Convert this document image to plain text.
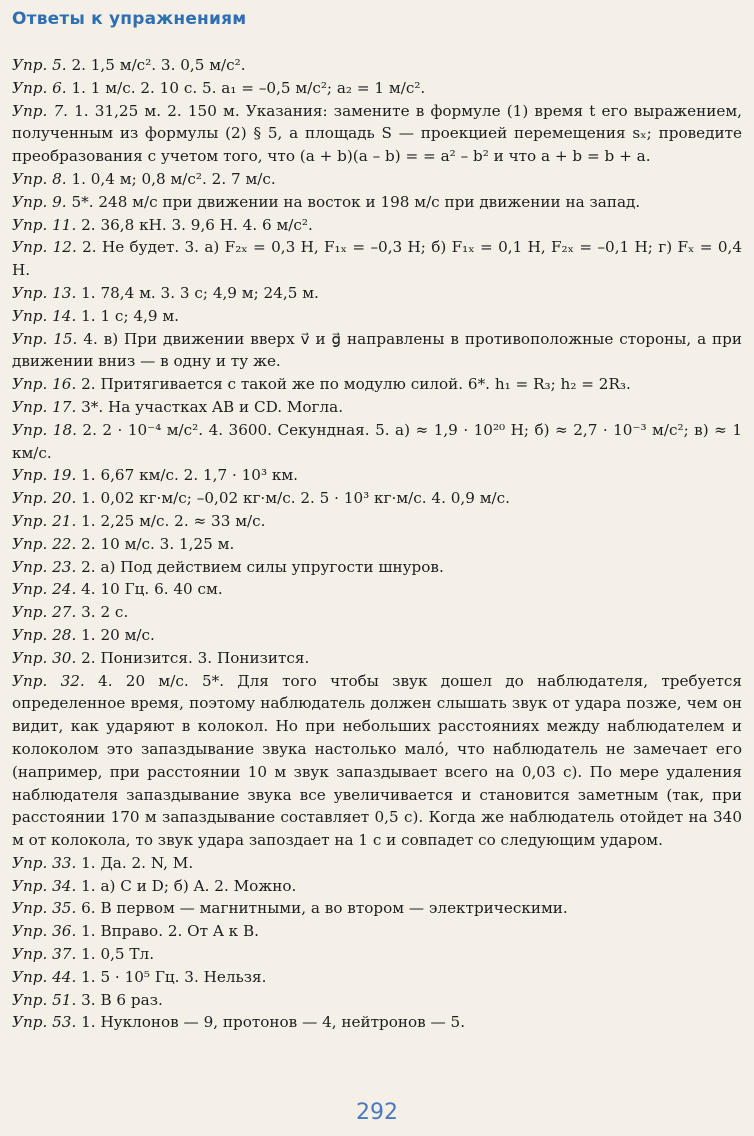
Ответы к упражнениям

Упр. 5. 2. 1,5 м/с². 3. 0,5 м/с².

Упр. 6. 1. 1 м/с. 2. 10 с. 5. a₁ = –0,5 м/с²; a₂ = 1 м/с².

Упр. 7. 1. 31,25 м. 2. 150 м. Указания: замените в формуле (1) время t его выражением, полученным из формулы (2) § 5, а площадь S — проекцией перемещения sₓ; проведите преобразования с учетом того, что (a + b)(a – b) = = a² – b² и что a + b = b + a.

Упр. 8. 1. 0,4 м; 0,8 м/с². 2. 7 м/с.

Упр. 9. 5*. 248 м/с при движении на восток и 198 м/с при движении на запад.

Упр. 11. 2. 36,8 кН. 3. 9,6 Н. 4. 6 м/с².

Упр. 12. 2. Не будет. 3. а) F₂ₓ = 0,3 Н, F₁ₓ = –0,3 Н; б) F₁ₓ = 0,1 Н, F₂ₓ = –0,1 Н; г) Fₓ = 0,4 Н.

Упр. 13. 1. 78,4 м. 3. 3 с; 4,9 м; 24,5 м.

Упр. 14. 1. 1 с; 4,9 м.

Упр. 15. 4. в) При движении вверх v⃗ и g⃗ направлены в противоположные стороны, а при движении вниз — в одну и ту же.

Упр. 16. 2. Притягивается с такой же по модулю силой. 6*. h₁ = R₃; h₂ = 2R₃.

Упр. 17. 3*. На участках AB и CD. Могла.

Упр. 18. 2. 2 · 10⁻⁴ м/с². 4. 3600. Секундная. 5. а) ≈ 1,9 · 10²⁰ Н; б) ≈ 2,7 · 10⁻³ м/с²; в) ≈ 1 км/с.

Упр. 19. 1. 6,67 км/с. 2. 1,7 · 10³ км.

Упр. 20. 1. 0,02 кг·м/с; –0,02 кг·м/с. 2. 5 · 10³ кг·м/с. 4. 0,9 м/с.

Упр. 21. 1. 2,25 м/с. 2. ≈ 33 м/с.

Упр. 22. 2. 10 м/с. 3. 1,25 м.

Упр. 23. 2. а) Под действием силы упругости шнуров.

Упр. 24. 4. 10 Гц. 6. 40 см.

Упр. 27. 3. 2 с.

Упр. 28. 1. 20 м/с.

Упр. 30. 2. Понизится. 3. Понизится.

Упр. 32. 4. 20 м/с. 5*. Для того чтобы звук дошел до наблюдателя, требуется определенное время, поэтому наблюдатель должен слышать звук от удара позже, чем он видит, как ударяют в колокол. Но при небольших расстояниях между наблюдателем и колоколом это запаздывание звука настолько мало́, что наблюдатель не замечает его (например, при расстоянии 10 м звук запаздывает всего на 0,03 с). По мере удаления наблюдателя запаздывание звука все увеличивается и становится заметным (так, при расстоянии 170 м запаздывание составляет 0,5 с). Когда же наблюдатель отойдет на 340 м от колокола, то звук удара запоздает на 1 с и совпадет со следующим ударом.

Упр. 33. 1. Да. 2. N, M.

Упр. 34. 1. а) C и D; б) A. 2. Можно.

Упр. 35. 6. В первом — магнитными, а во втором — электрическими.

Упр. 36. 1. Вправо. 2. От A к B.

Упр. 37. 1. 0,5 Тл.

Упр. 44. 1. 5 · 10⁵ Гц. 3. Нельзя.

Упр. 51. 3. В 6 раз.

Упр. 53. 1. Нуклонов — 9, протонов — 4, нейтронов — 5.

292
